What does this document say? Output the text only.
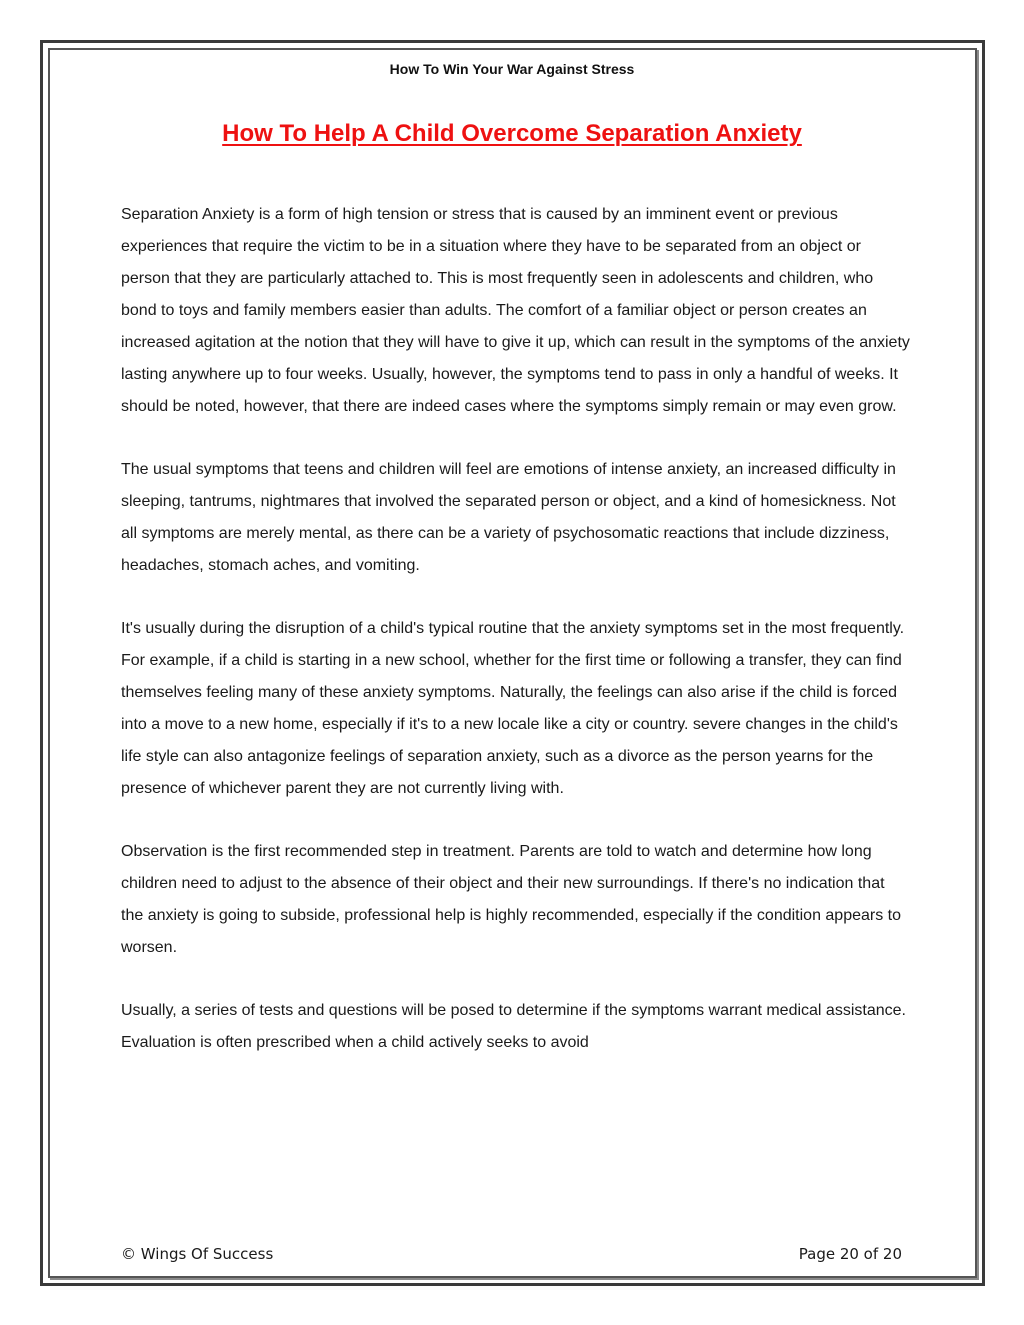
How To Win Your War Against Stress
How To Help A Child Overcome Separation Anxiety

Separation Anxiety is a form of high tension or stress that is caused by an imminent event or previous experiences that require the victim to be in a situation where they have to be separated from an object or person that they are particularly attached to. This is most frequently seen in adolescents and children, who bond to toys and family members easier than adults. The comfort of a familiar object or person creates an increased agitation at the notion that they will have to give it up, which can result in the symptoms of the anxiety lasting anywhere up to four weeks. Usually, however, the symptoms tend to pass in only a handful of weeks. It should be noted, however, that there are indeed cases where the symptoms simply remain or may even grow.

The usual symptoms that teens and children will feel are emotions of intense anxiety, an increased difficulty in sleeping, tantrums, nightmares that involved the separated person or object, and a kind of homesickness. Not all symptoms are merely mental, as there can be a variety of psychosomatic reactions that include dizziness, headaches, stomach aches, and vomiting.

It's usually during the disruption of a child's typical routine that the anxiety symptoms set in the most frequently. For example, if a child is starting in a new school, whether for the first time or following a transfer, they can find themselves feeling many of these anxiety symptoms. Naturally, the feelings can also arise if the child is forced into a move to a new home, especially if it's to a new locale like a city or country. severe changes in the child's life style can also antagonize feelings of separation anxiety, such as a divorce as the person yearns for the presence of whichever parent they are not currently living with.

Observation is the first recommended step in treatment. Parents are told to watch and determine how long children need to adjust to the absence of their object and their new surroundings. If there's no indication that the anxiety is going to subside, professional help is highly recommended, especially if the condition appears to worsen.

Usually, a series of tests and questions will be posed to determine if the symptoms warrant medical assistance. Evaluation is often prescribed when a child actively seeks to avoid

© Wings Of Success	Page 20 of 20
